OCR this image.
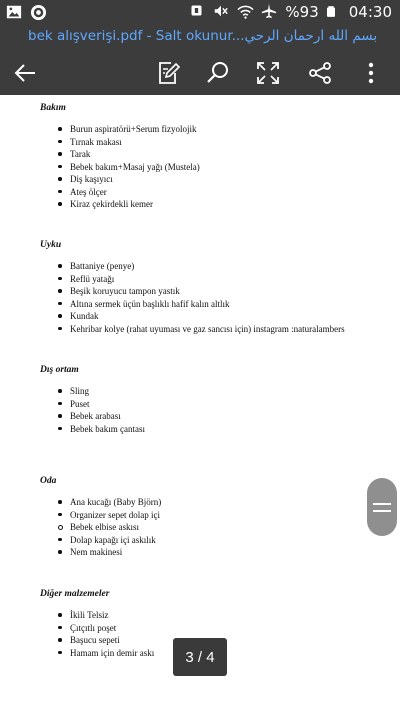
%93 04:30
bek alışverişi.pdf - Salt okunur...بسم الله ارحمان الرحي
Bakım
Burun aspiratörü+Serum fizyolojik
Tırnak makası
Tarak
Bebek bakım+Masaj yağı (Mustela)
Diş kaşıyıcı
Ateş ölçer
Kiraz çekirdekli kemer
Uyku
Battaniye (penye)
Reflü yatağı
Beşik koruyucu tampon yastık
Altına sermek üçün başlıklı hafif kalın altlık
Kundak
Kehribar kolye (rahat uyuması ve gaz sancısı için) instagram :naturalambers
Dış ortam
Sling
Puset
Bebek arabası
Bebek bakım çantası
Oda
Ana kucağı (Baby Björn)
Organizer sepet dolap içi
Bebek elbise askısı
Dolap kapağı içi askılık
Nem makinesi
Diğer malzemeler
İkili Telsiz
Çıtçıtlı poşet
Başucu sepeti
Hamam için demir askı	3 / 4
